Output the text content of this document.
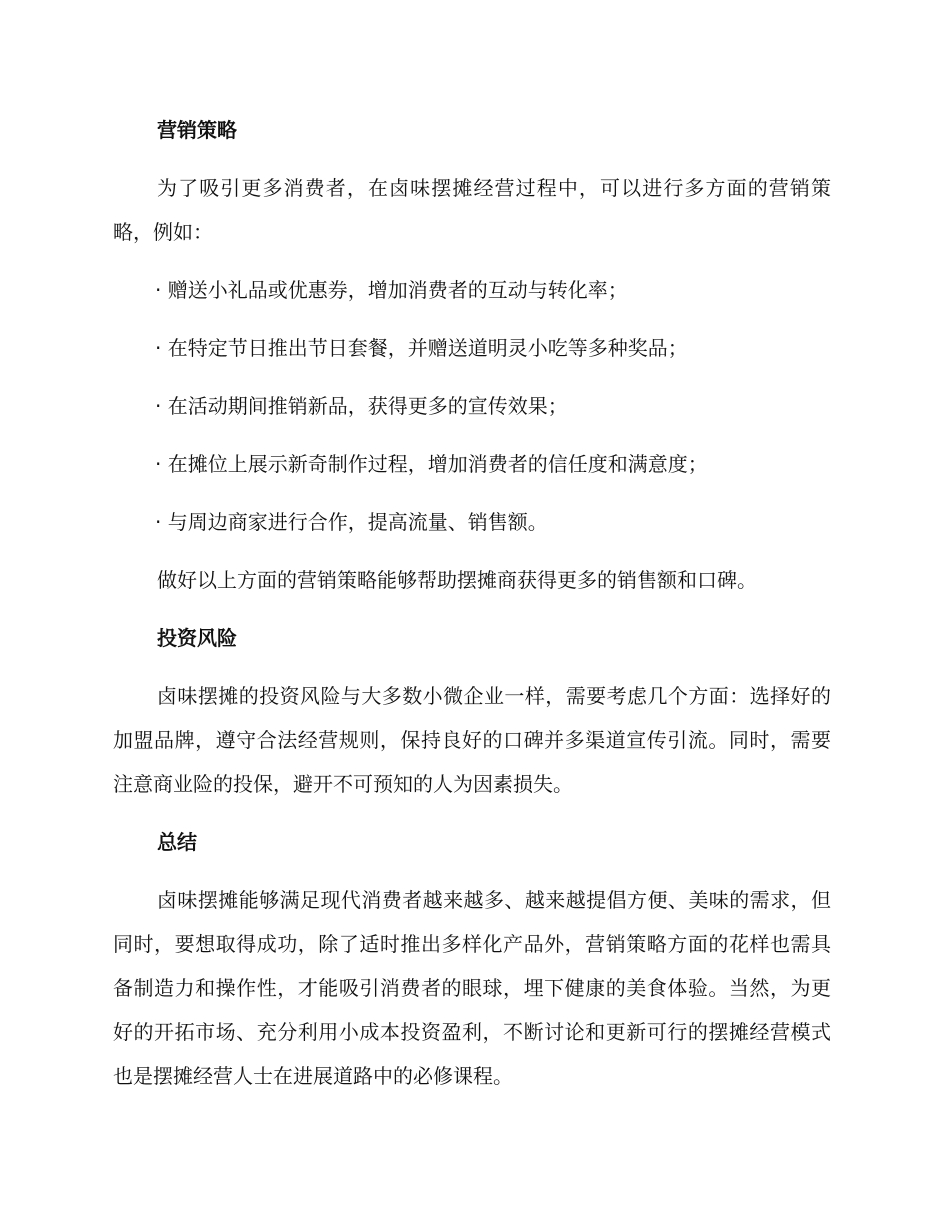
营销策略

为了吸引更多消费者，在卤味摆摊经营过程中，可以进行多方面的营销策略，例如：

· 赠送小礼品或优惠券，增加消费者的互动与转化率；

· 在特定节日推出节日套餐，并赠送道明灵小吃等多种奖品；

· 在活动期间推销新品，获得更多的宣传效果；

· 在摊位上展示新奇制作过程，增加消费者的信任度和满意度；

· 与周边商家进行合作，提高流量、销售额。

做好以上方面的营销策略能够帮助摆摊商获得更多的销售额和口碑。

投资风险

卤味摆摊的投资风险与大多数小微企业一样，需要考虑几个方面：选择好的加盟品牌，遵守合法经营规则，保持良好的口碑并多渠道宣传引流。同时，需要注意商业险的投保，避开不可预知的人为因素损失。

总结

卤味摆摊能够满足现代消费者越来越多、越来越提倡方便、美味的需求，但同时，要想取得成功，除了适时推出多样化产品外，营销策略方面的花样也需具备制造力和操作性，才能吸引消费者的眼球，埋下健康的美食体验。当然，为更好的开拓市场、充分利用小成本投资盈利，不断讨论和更新可行的摆摊经营模式也是摆摊经营人士在进展道路中的必修课程。
